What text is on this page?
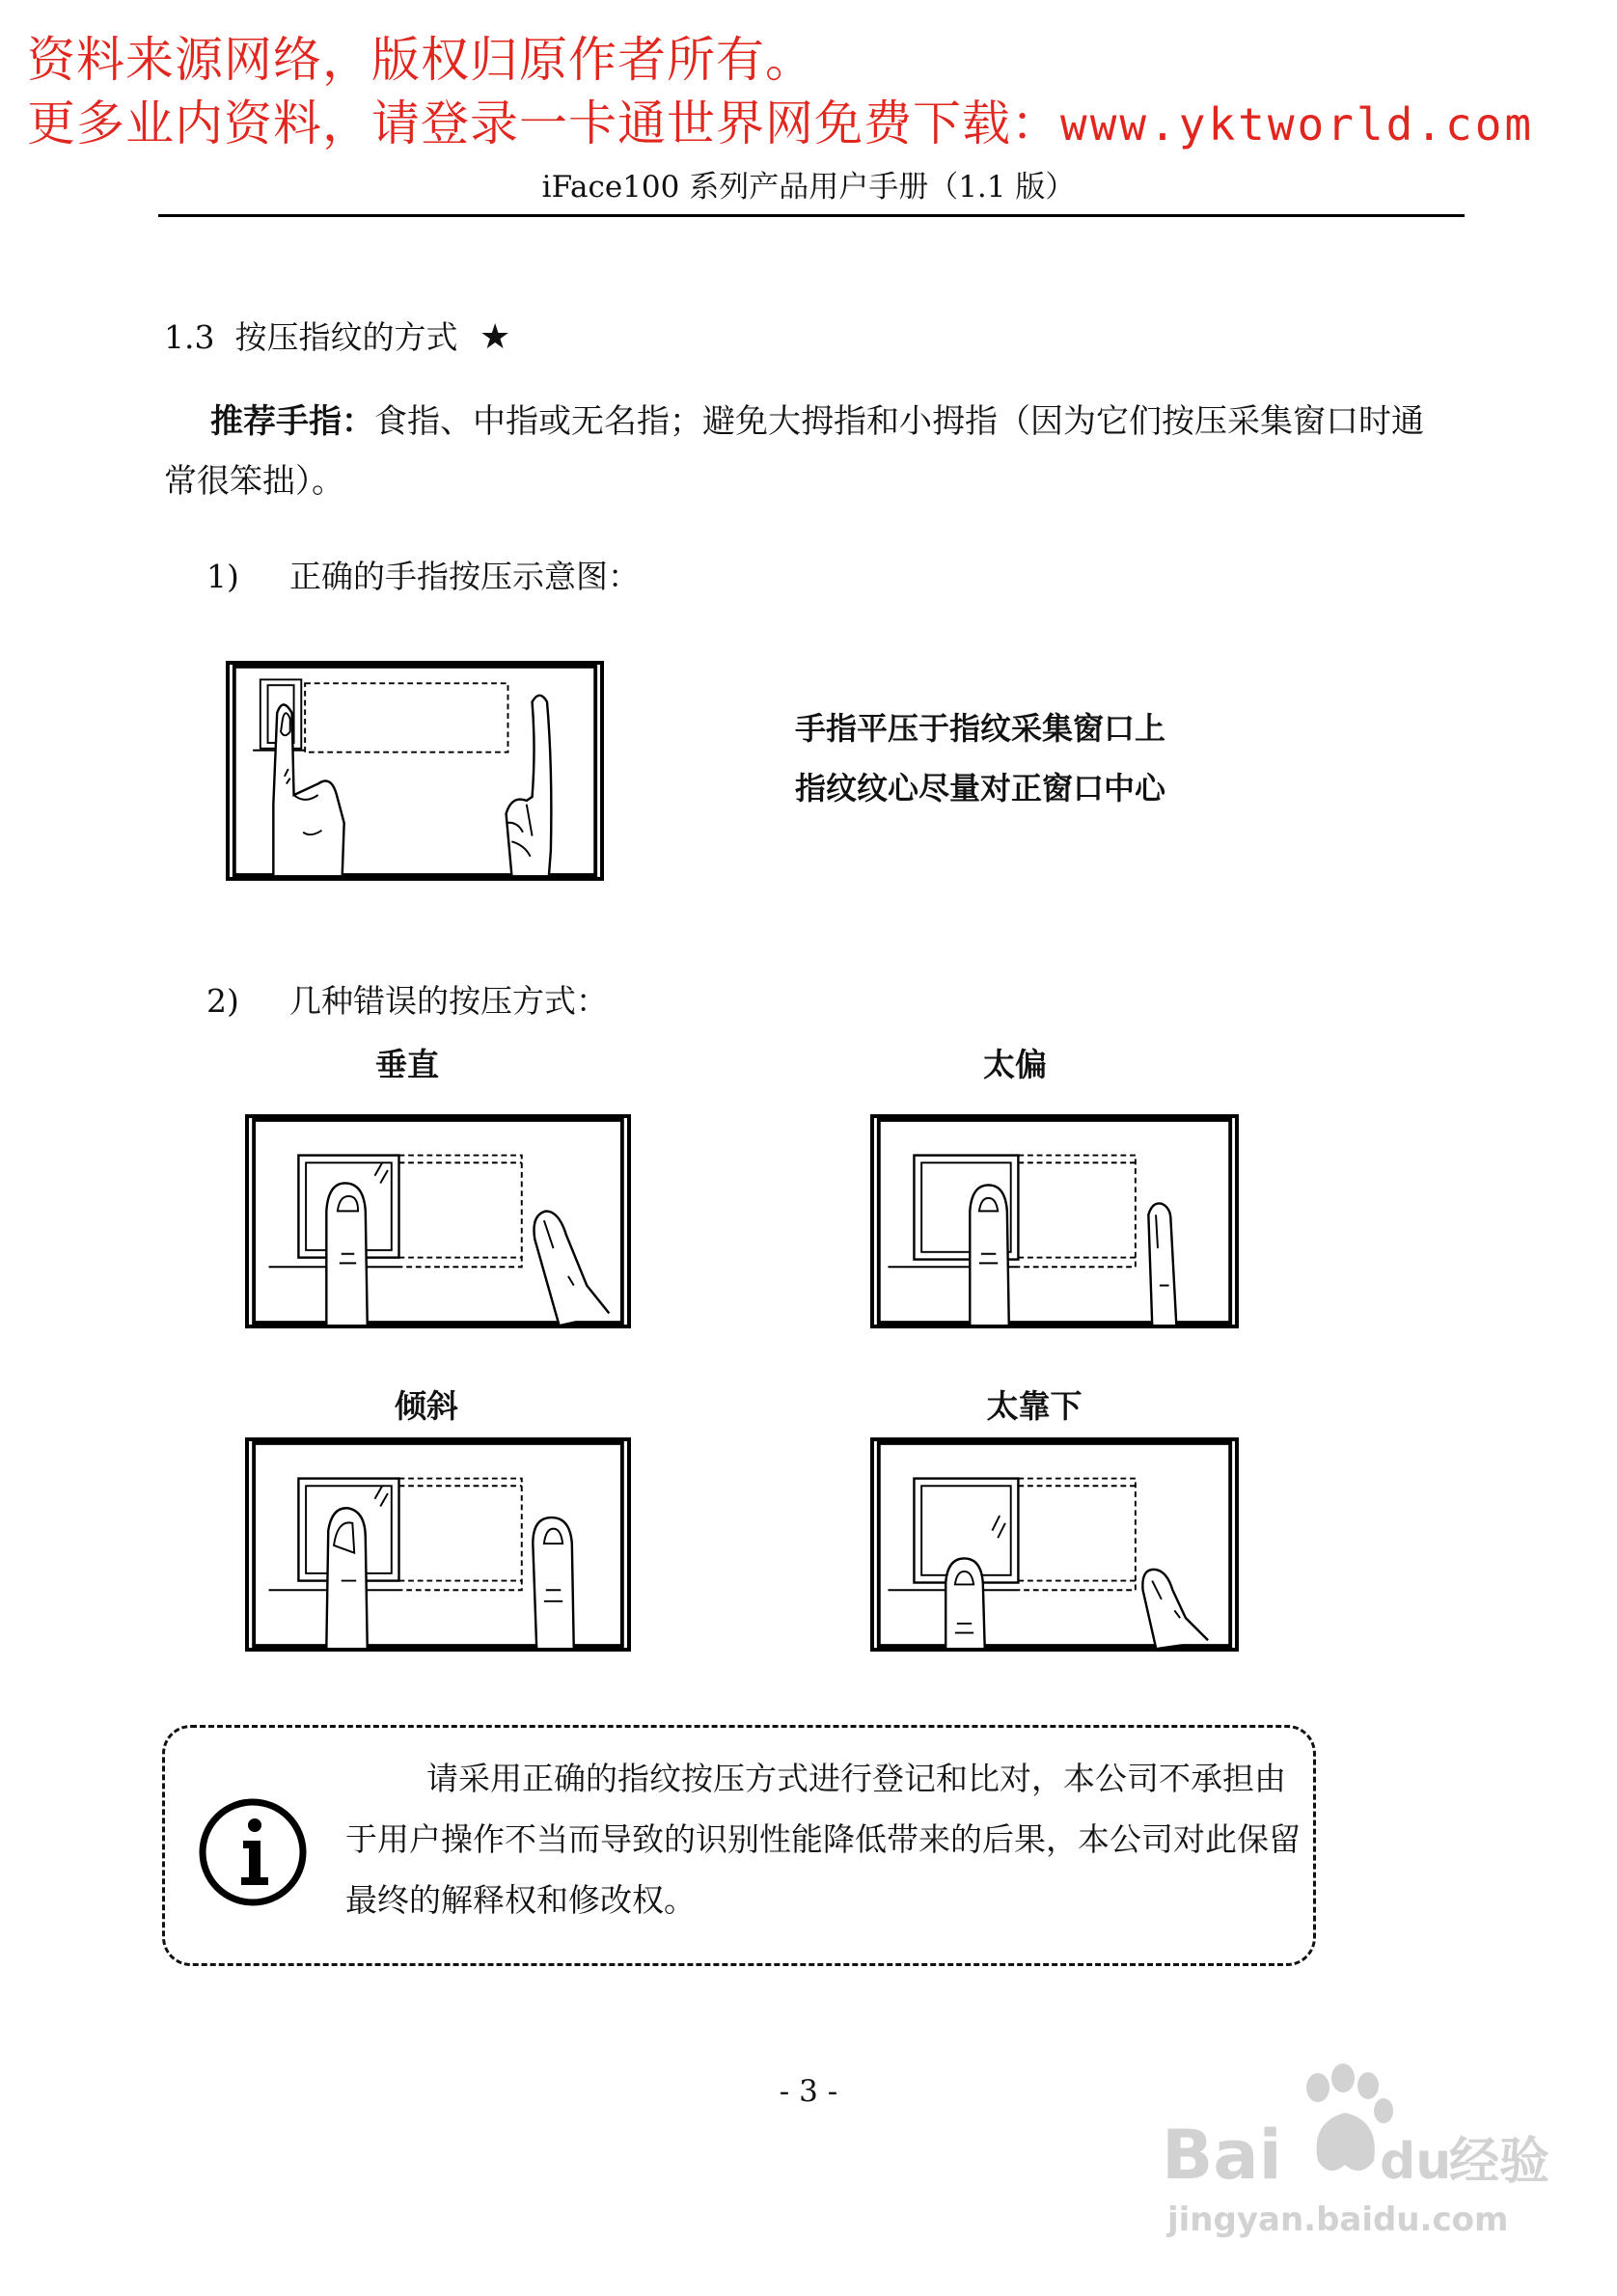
资料来源网络，版权归原作者所有。
更多业内资料，请登录一卡通世界网免费下载：www.yktworld.com
iFace100 系列产品用户手册（1.1 版）
1.3 按压指纹的方式 ★
推荐手指：食指、中指或无名指；避免大拇指和小拇指（因为它们按压采集窗口时通常很笨拙）。
1) 正确的手指按压示意图：
手指平压于指纹采集窗口上
指纹纹心尽量对正窗口中心
2) 几种错误的按压方式：
垂直	太偏
倾斜	太靠下
请采用正确的指纹按压方式进行登记和比对，本公司不承担由于用户操作不当而导致的识别性能降低带来的后果，本公司对此保留最终的解释权和修改权。
- 3 -
Bai du
经验
jingyan.baidu.com
